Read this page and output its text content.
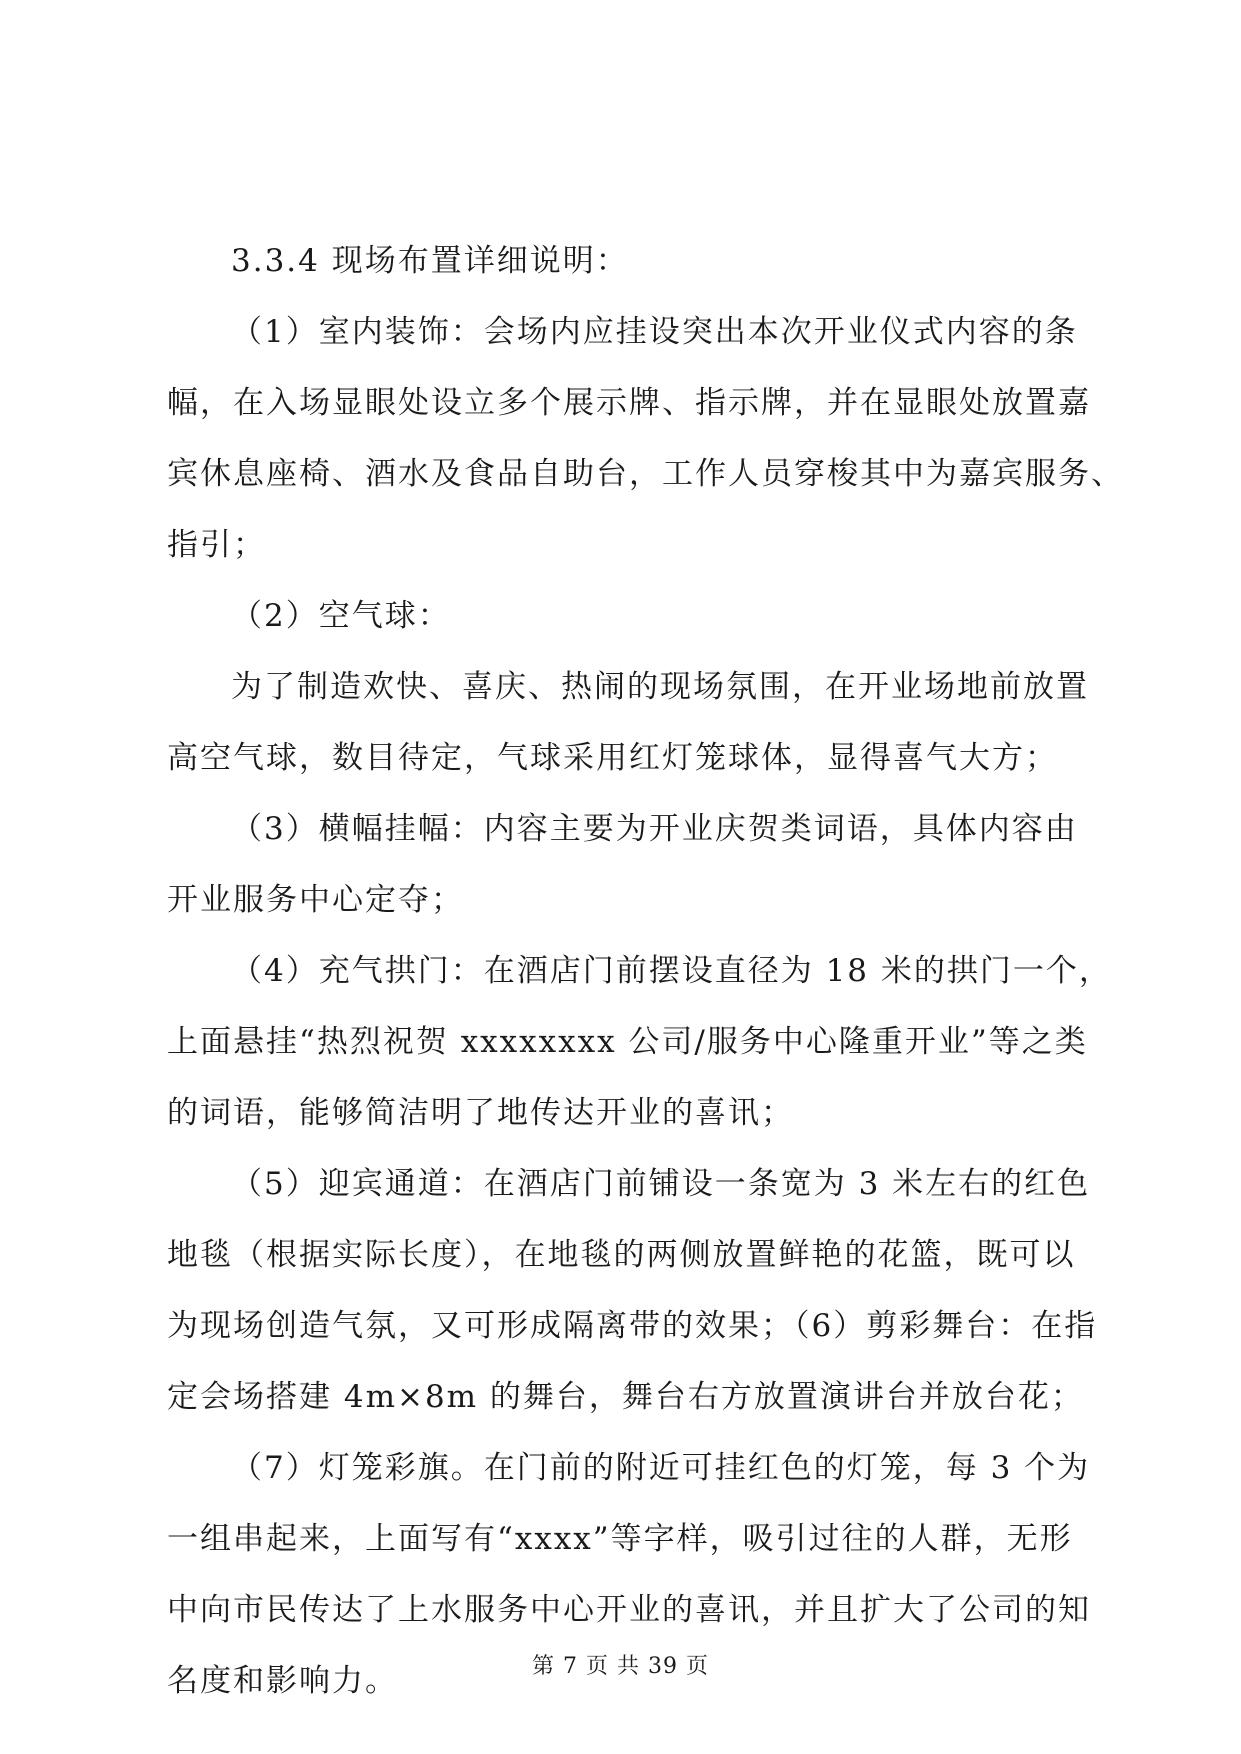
3.3.4 现场布置详细说明：
（1）室内装饰：会场内应挂设突出本次开业仪式内容的条
幅，在入场显眼处设立多个展示牌、指示牌，并在显眼处放置嘉
宾休息座椅、酒水及食品自助台，工作人员穿梭其中为嘉宾服务、
指引；
（2）空气球：
为了制造欢快、喜庆、热闹的现场氛围，在开业场地前放置
高空气球，数目待定，气球采用红灯笼球体，显得喜气大方；
（3）横幅挂幅：内容主要为开业庆贺类词语，具体内容由
开业服务中心定夺；
（4）充气拱门：在酒店门前摆设直径为 18 米的拱门一个，
上面悬挂“热烈祝贺 xxxxxxxx 公司/服务中心隆重开业”等之类
的词语，能够简洁明了地传达开业的喜讯；
（5）迎宾通道：在酒店门前铺设一条宽为 3 米左右的红色
地毯（根据实际长度），在地毯的两侧放置鲜艳的花篮，既可以
为现场创造气氛，又可形成隔离带的效果；（6）剪彩舞台：在指
定会场搭建 4m×8m 的舞台，舞台右方放置演讲台并放台花；
（7）灯笼彩旗。在门前的附近可挂红色的灯笼，每 3 个为
一组串起来，上面写有“xxxx”等字样，吸引过往的人群，无形
中向市民传达了上水服务中心开业的喜讯，并且扩大了公司的知
名度和影响力。	第 7 页 共 39 页
